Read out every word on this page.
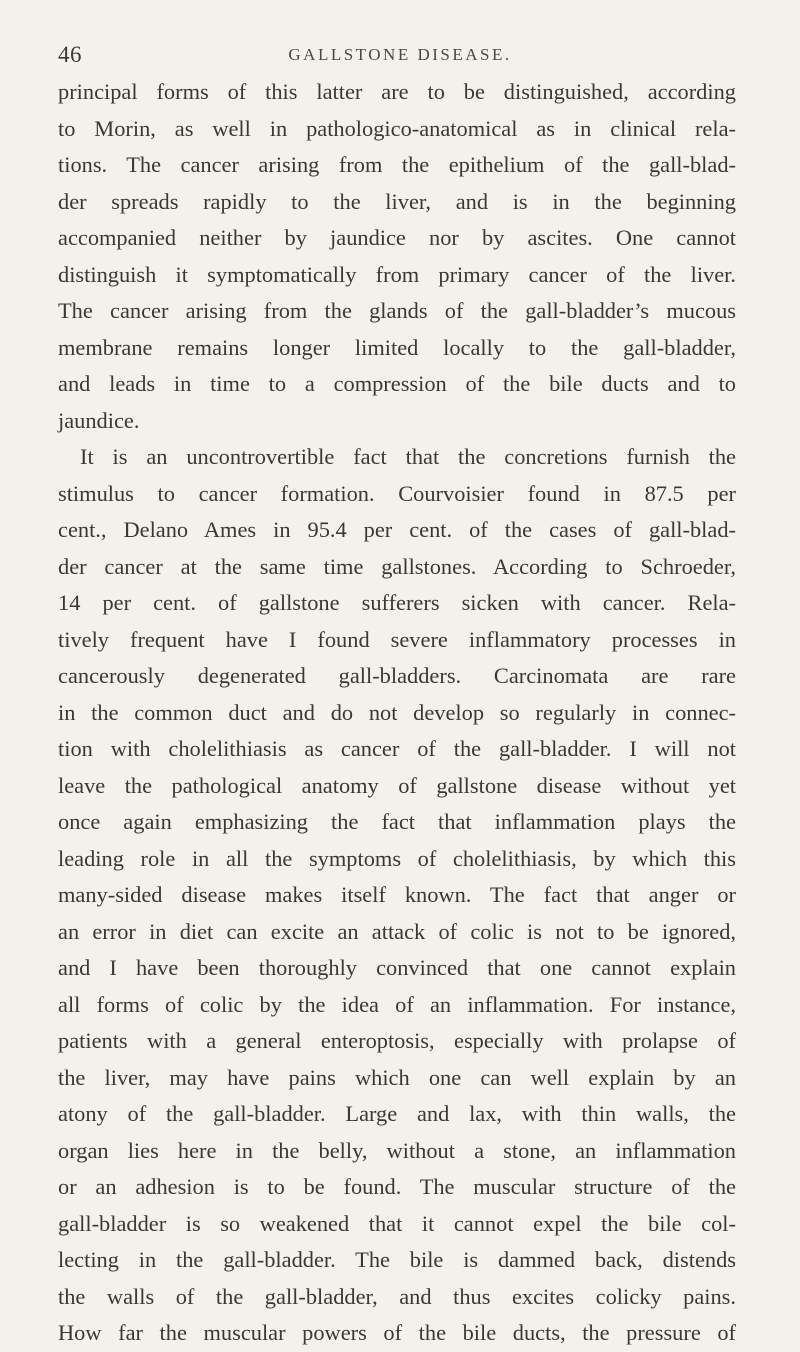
46	GALLSTONE DISEASE.
principal forms of this latter are to be distinguished, according
to Morin, as well in pathologico-anatomical as in clinical rela-
tions. The cancer arising from the epithelium of the gall-blad-
der spreads rapidly to the liver, and is in the beginning
accompanied neither by jaundice nor by ascites. One cannot
distinguish it symptomatically from primary cancer of the liver.
The cancer arising from the glands of the gall-bladder’s mucous
membrane remains longer limited locally to the gall-bladder,
and leads in time to a compression of the bile ducts and to
jaundice.
It is an uncontrovertible fact that the concretions furnish the
stimulus to cancer formation. Courvoisier found in 87.5 per
cent., Delano Ames in 95.4 per cent. of the cases of gall-blad-
der cancer at the same time gallstones. According to Schroeder,
14 per cent. of gallstone sufferers sicken with cancer. Rela-
tively frequent have I found severe inflammatory processes in
cancerously degenerated gall-bladders. Carcinomata are rare
in the common duct and do not develop so regularly in connec-
tion with cholelithiasis as cancer of the gall-bladder. I will not
leave the pathological anatomy of gallstone disease without yet
once again emphasizing the fact that inflammation plays the
leading role in all the symptoms of cholelithiasis, by which this
many-sided disease makes itself known. The fact that anger or
an error in diet can excite an attack of colic is not to be ignored,
and I have been thoroughly convinced that one cannot explain
all forms of colic by the idea of an inflammation. For instance,
patients with a general enteroptosis, especially with prolapse of
the liver, may have pains which one can well explain by an
atony of the gall-bladder. Large and lax, with thin walls, the
organ lies here in the belly, without a stone, an inflammation
or an adhesion is to be found. The muscular structure of the
gall-bladder is so weakened that it cannot expel the bile col-
lecting in the gall-bladder. The bile is dammed back, distends
the walls of the gall-bladder, and thus excites colicky pains.
How far the muscular powers of the bile ducts, the pressure of
